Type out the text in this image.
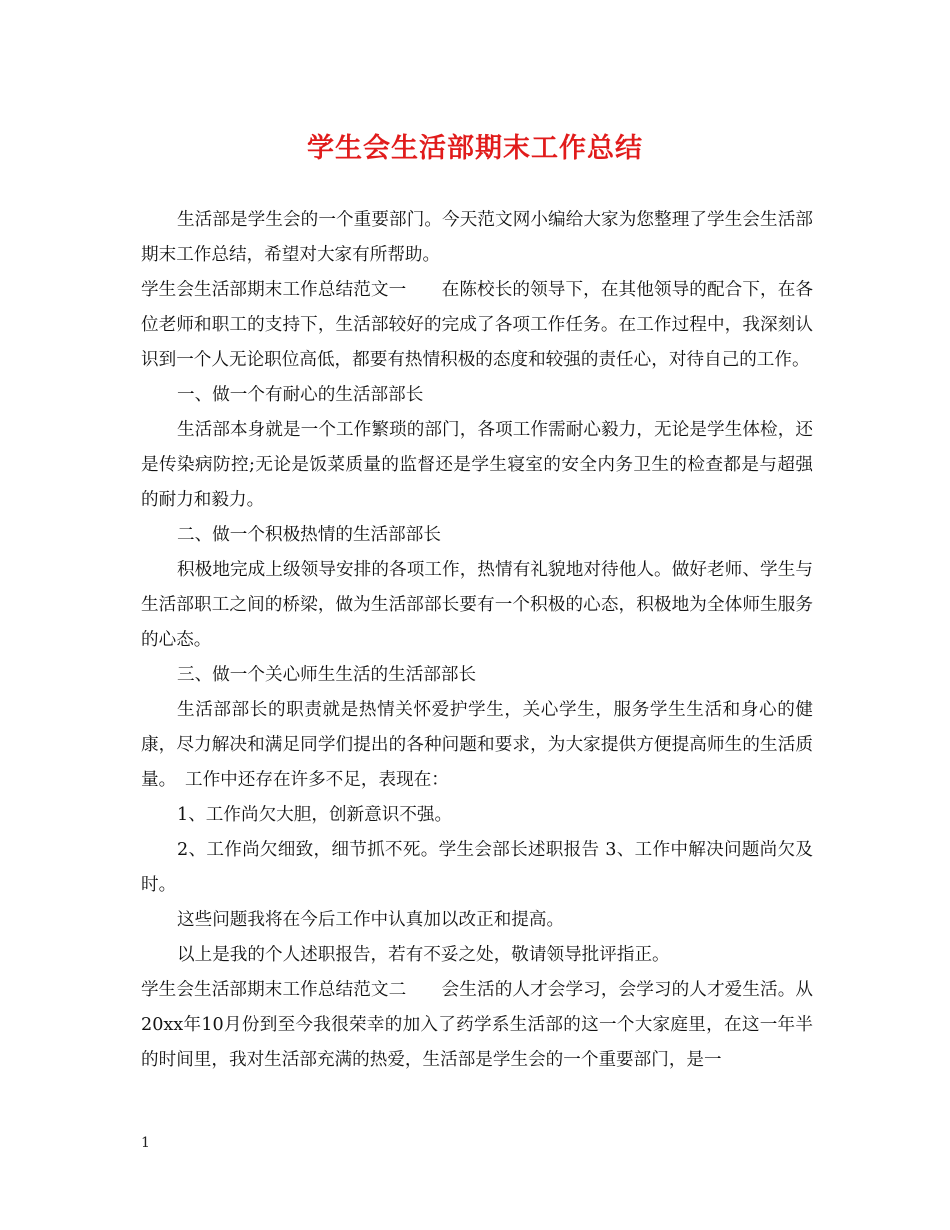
学生会生活部期末工作总结

生活部是学生会的一个重要部门。今天范文网小编给大家为您整理了学生会生活部期末工作总结，希望对大家有所帮助。

学生会生活部期末工作总结范文一　　在陈校长的领导下，在其他领导的配合下，在各位老师和职工的支持下，生活部较好的完成了各项工作任务。在工作过程中，我深刻认识到一个人无论职位高低，都要有热情积极的态度和较强的责任心，对待自己的工作。

一、做一个有耐心的生活部部长

生活部本身就是一个工作繁琐的部门，各项工作需耐心毅力，无论是学生体检，还是传染病防控;无论是饭菜质量的监督还是学生寝室的安全内务卫生的检查都是与超强的耐力和毅力。

二、做一个积极热情的生活部部长

积极地完成上级领导安排的各项工作，热情有礼貌地对待他人。做好老师、学生与生活部职工之间的桥梁，做为生活部部长要有一个积极的心态，积极地为全体师生服务的心态。

三、做一个关心师生生活的生活部部长

生活部部长的职责就是热情关怀爱护学生，关心学生，服务学生生活和身心的健康，尽力解决和满足同学们提出的各种问题和要求，为大家提供方便提高师生的生活质量。　工作中还存在许多不足，表现在：

1、工作尚欠大胆，创新意识不强。

2、工作尚欠细致，细节抓不死。学生会部长述职报告 3、工作中解决问题尚欠及时。

这些问题我将在今后工作中认真加以改正和提高。

以上是我的个人述职报告，若有不妥之处，敬请领导批评指正。

学生会生活部期末工作总结范文二　　会生活的人才会学习，会学习的人才爱生活。从20xx年10月份到至今我很荣幸的加入了药学系生活部的这一个大家庭里，在这一年半的时间里，我对生活部充满的热爱，生活部是学生会的一个重要部门，是一

1
